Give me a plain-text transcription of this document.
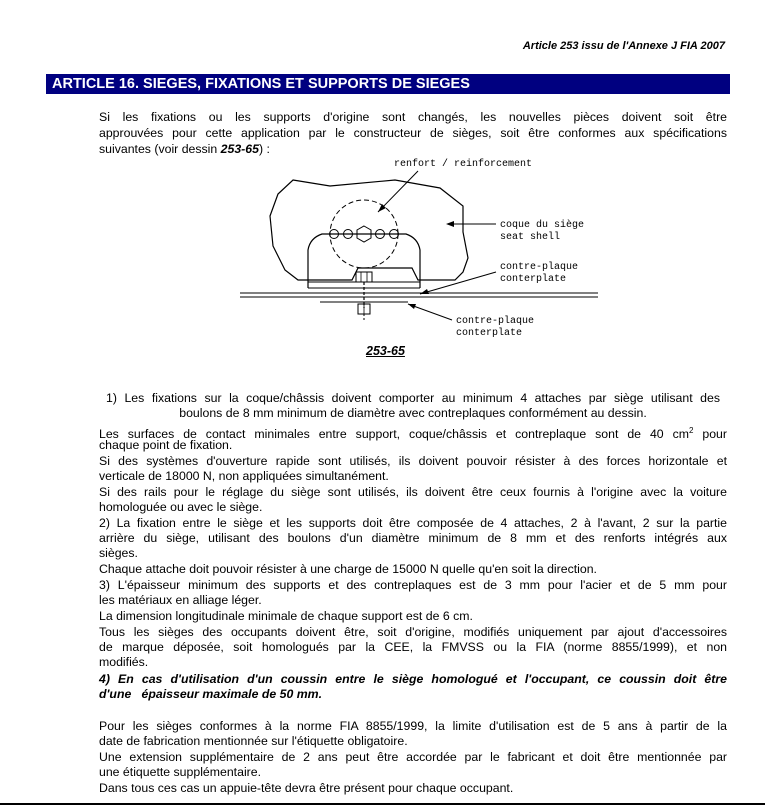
Article 253 issu de l'Annexe J FIA 2007
ARTICLE 16. SIEGES, FIXATIONS ET SUPPORTS DE SIEGES
Si les fixations ou les supports d'origine sont changés, les nouvelles pièces doivent soit être
approuvées pour cette application par le constructeur de sièges, soit être conformes aux spécifications
suivantes (voir dessin 253-65) :
renfort / reinforcement
coque du siège
seat shell
contre-plaque
conterplate
contre-plaque
conterplate
253-65
1) Les fixations sur la coque/châssis doivent comporter au minimum 4 attaches par siège utilisant des
boulons de 8 mm minimum de diamètre avec contreplaques conformément au dessin.
Les surfaces de contact minimales entre support, coque/châssis et contreplaque sont de 40 $cm^2$ pour
chaque point de fixation.
Si des systèmes d'ouverture rapide sont utilisés, ils doivent pouvoir résister à des forces horizontale et
verticale de 18000 N, non appliquées simultanément.
Si des rails pour le réglage du siège sont utilisés, ils doivent être ceux fournis à l'origine avec la voiture
homologuée ou avec le siège.
2) La fixation entre le siège et les supports doit être composée de 4 attaches, 2 à l'avant, 2 sur la partie
arrière du siège, utilisant des boulons d'un diamètre minimum de 8 mm et des renforts intégrés aux
sièges.
Chaque attache doit pouvoir résister à une charge de 15000 N quelle qu'en soit la direction.
3) L'épaisseur minimum des supports et des contreplaques est de 3 mm pour l'acier et de 5 mm pour
les matériaux en alliage léger.
La dimension longitudinale minimale de chaque support est de 6 cm.
Tous les sièges des occupants doivent être, soit d'origine, modifiés uniquement par ajout d'accessoires
de marque déposée, soit homologués par la CEE, la FMVSS ou la FIA (norme 8855/1999), et non
modifiés.
4) En cas d'utilisation d'un coussin entre le siège homologué et l'occupant, ce coussin doit être
d'une   épaisseur maximale de 50 mm.
Pour les sièges conformes à la norme FIA 8855/1999, la limite d'utilisation est de 5 ans à partir de la
date de fabrication mentionnée sur l'étiquette obligatoire.
Une extension supplémentaire de 2 ans peut être accordée par le fabricant et doit être mentionnée par
une étiquette supplémentaire.
Dans tous ces cas un appuie-tête devra être présent pour chaque occupant.
